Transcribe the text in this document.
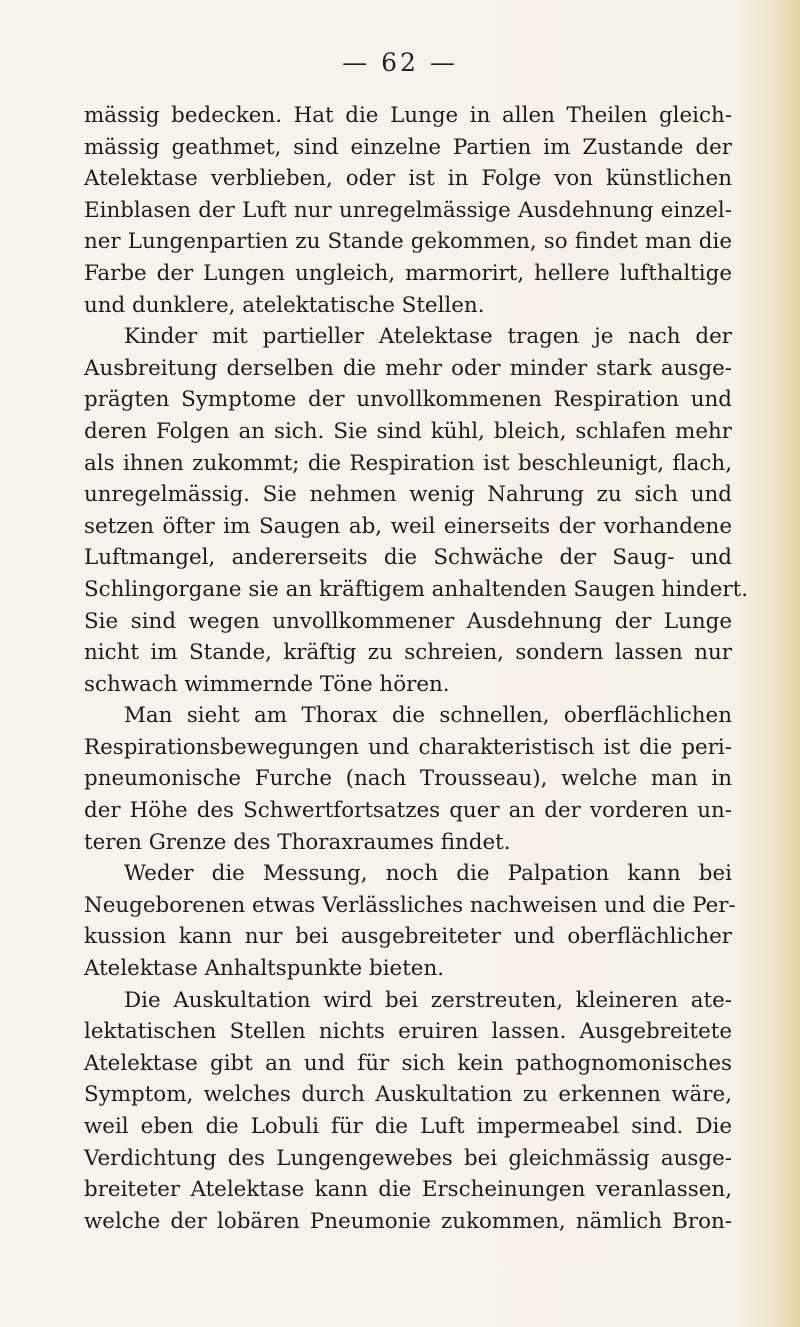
— 62 —
mässig bedecken. Hat die Lunge in allen Theilen gleich-
mässig geathmet, sind einzelne Partien im Zustande der
Atelektase verblieben, oder ist in Folge von künstlichen
Einblasen der Luft nur unregelmässige Ausdehnung einzel-
ner Lungenpartien zu Stande gekommen, so findet man die
Farbe der Lungen ungleich, marmorirt, hellere lufthaltige
und dunklere, atelektatische Stellen.
Kinder mit partieller Atelektase tragen je nach der
Ausbreitung derselben die mehr oder minder stark ausge-
prägten Symptome der unvollkommenen Respiration und
deren Folgen an sich. Sie sind kühl, bleich, schlafen mehr
als ihnen zukommt; die Respiration ist beschleunigt, flach,
unregelmässig. Sie nehmen wenig Nahrung zu sich und
setzen öfter im Saugen ab, weil einerseits der vorhandene
Luftmangel, andererseits die Schwäche der Saug- und
Schlingorgane sie an kräftigem anhaltenden Saugen hindert.
Sie sind wegen unvollkommener Ausdehnung der Lunge
nicht im Stande, kräftig zu schreien, sondern lassen nur
schwach wimmernde Töne hören.
Man sieht am Thorax die schnellen, oberflächlichen
Respirationsbewegungen und charakteristisch ist die peri-
pneumonische Furche (nach Trousseau), welche man in
der Höhe des Schwertfortsatzes quer an der vorderen un-
teren Grenze des Thoraxraumes findet.
Weder die Messung, noch die Palpation kann bei
Neugeborenen etwas Verlässliches nachweisen und die Per-
kussion kann nur bei ausgebreiteter und oberflächlicher
Atelektase Anhaltspunkte bieten.
Die Auskultation wird bei zerstreuten, kleineren ate-
lektatischen Stellen nichts eruiren lassen. Ausgebreitete
Atelektase gibt an und für sich kein pathognomonisches
Symptom, welches durch Auskultation zu erkennen wäre,
weil eben die Lobuli für die Luft impermeabel sind. Die
Verdichtung des Lungengewebes bei gleichmässig ausge-
breiteter Atelektase kann die Erscheinungen veranlassen,
welche der lobären Pneumonie zukommen, nämlich Bron-
